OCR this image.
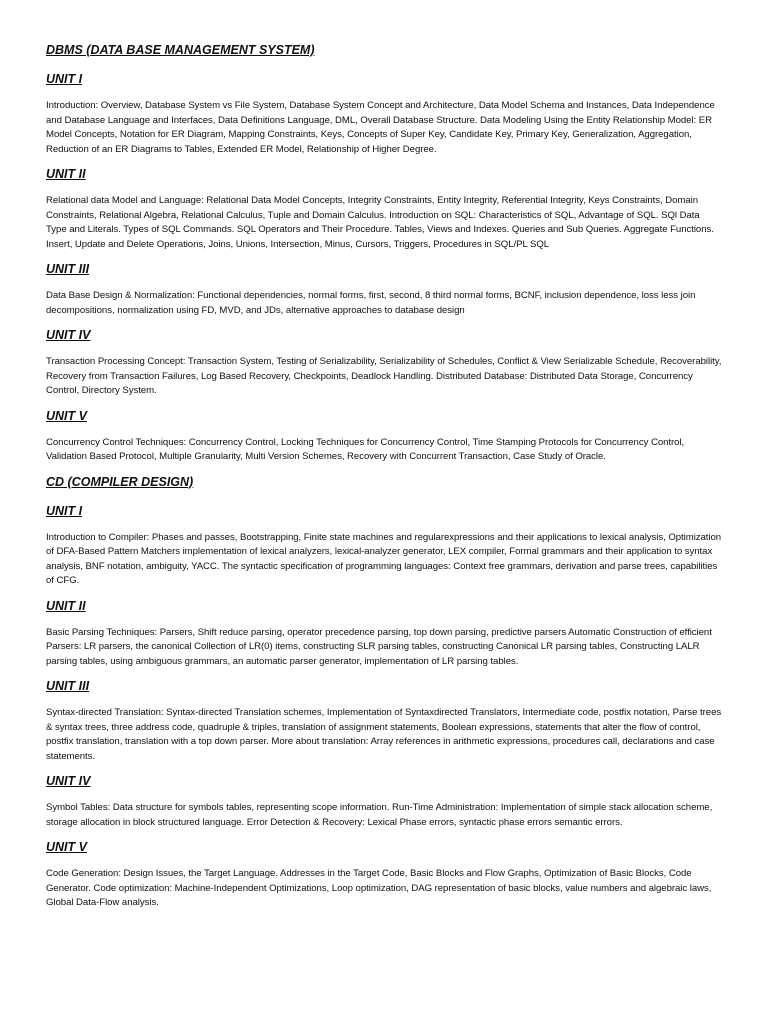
DBMS (DATA BASE MANAGEMENT SYSTEM)
UNIT I
Introduction: Overview, Database System vs File System, Database System Concept and Architecture, Data Model Schema and Instances, Data Independence and Database Language and Interfaces, Data Definitions Language, DML, Overall Database Structure. Data Modeling Using the Entity Relationship Model: ER Model Concepts, Notation for ER Diagram, Mapping Constraints, Keys, Concepts of Super Key, Candidate Key, Primary Key, Generalization, Aggregation, Reduction of an ER Diagrams to Tables, Extended ER Model, Relationship of Higher Degree.
UNIT II
Relational data Model and Language: Relational Data Model Concepts, Integrity Constraints, Entity Integrity, Referential Integrity, Keys Constraints, Domain Constraints, Relational Algebra, Relational Calculus, Tuple and Domain Calculus. Introduction on SQL: Characteristics of SQL, Advantage of SQL. SQl Data Type and Literals. Types of SQL Commands. SQL Operators and Their Procedure. Tables, Views and Indexes. Queries and Sub Queries. Aggregate Functions. Insert, Update and Delete Operations, Joins, Unions, Intersection, Minus, Cursors, Triggers, Procedures in SQL/PL SQL
UNIT III
Data Base Design & Normalization: Functional dependencies, normal forms, first, second, 8 third normal forms, BCNF, inclusion dependence, loss less join decompositions, normalization using FD, MVD, and JDs, alternative approaches to database design
UNIT IV
Transaction Processing Concept: Transaction System, Testing of Serializability, Serializability of Schedules, Conflict & View Serializable Schedule, Recoverability, Recovery from Transaction Failures, Log Based Recovery, Checkpoints, Deadlock Handling. Distributed Database: Distributed Data Storage, Concurrency Control, Directory System.
UNIT V
Concurrency Control Techniques: Concurrency Control, Locking Techniques for Concurrency Control, Time Stamping Protocols for Concurrency Control, Validation Based Protocol, Multiple Granularity, Multi Version Schemes, Recovery with Concurrent Transaction, Case Study of Oracle.
CD (COMPILER DESIGN)
UNIT I
Introduction to Compiler: Phases and passes, Bootstrapping, Finite state machines and regularexpressions and their applications to lexical analysis, Optimization of DFA-Based Pattern Matchers implementation of lexical analyzers, lexical-analyzer generator, LEX compiler, Formal grammars and their application to syntax analysis, BNF notation, ambiguity, YACC. The syntactic specification of programming languages: Context free grammars, derivation and parse trees, capabilities of CFG.
UNIT II
Basic Parsing Techniques: Parsers, Shift reduce parsing, operator precedence parsing, top down parsing, predictive parsers Automatic Construction of efficient Parsers: LR parsers, the canonical Collection of LR(0) items, constructing SLR parsing tables, constructing Canonical LR parsing tables, Constructing LALR parsing tables, using ambiguous grammars, an automatic parser generator, implementation of LR parsing tables.
UNIT III
Syntax-directed Translation: Syntax-directed Translation schemes, Implementation of Syntaxdirected Translators, Intermediate code, postfix notation, Parse trees & syntax trees, three address code, quadruple & triples, translation of assignment statements, Boolean expressions, statements that alter the flow of control, postfix translation, translation with a top down parser. More about translation: Array references in arithmetic expressions, procedures call, declarations and case statements.
UNIT IV
Symbol Tables: Data structure for symbols tables, representing scope information. Run-Time Administration: Implementation of simple stack allocation scheme, storage allocation in block structured language. Error Detection & Recovery: Lexical Phase errors, syntactic phase errors semantic errors.
UNIT V
Code Generation: Design Issues, the Target Language. Addresses in the Target Code, Basic Blocks and Flow Graphs, Optimization of Basic Blocks, Code Generator. Code optimization: Machine-Independent Optimizations, Loop optimization, DAG representation of basic blocks, value numbers and algebraic laws, Global Data-Flow analysis.
